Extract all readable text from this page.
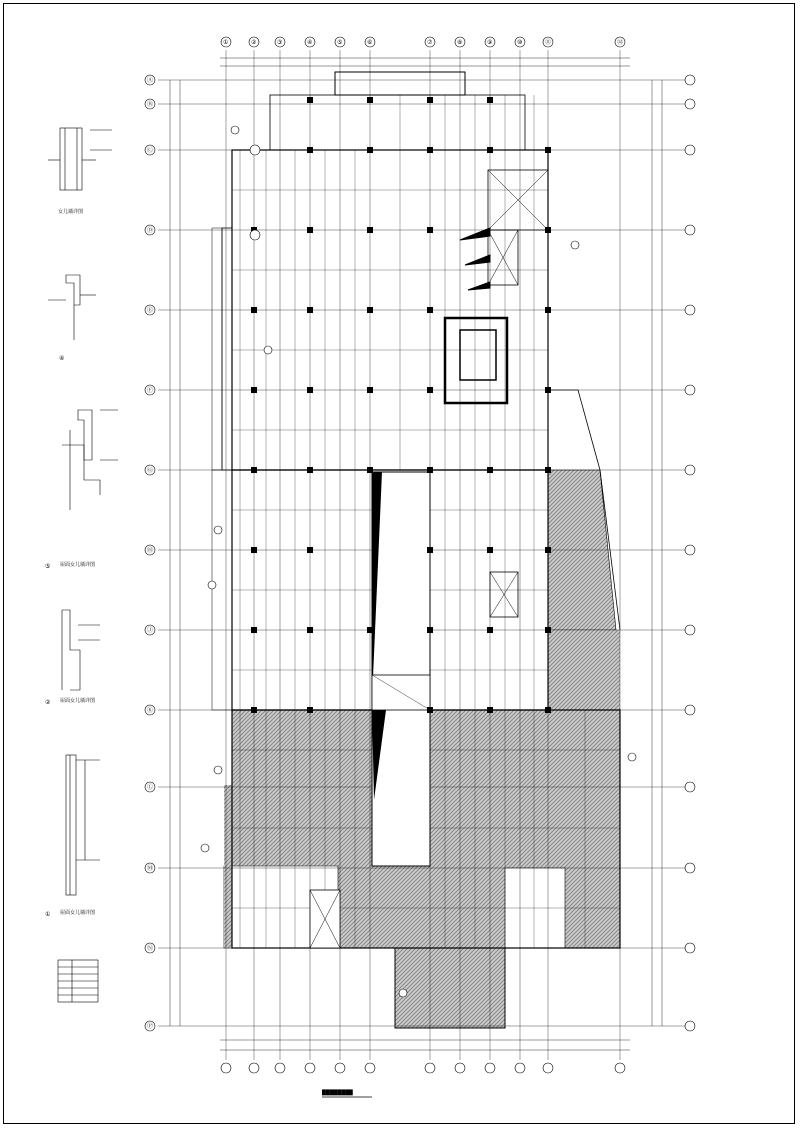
女儿墙详图
④
⑤ 屋面女儿墙详图
② 屋面女儿墙详图
① 屋面女儿墙详图
████████
①	②	③	④	⑤	⑥	⑦	⑧	⑨	⑩	⑪	⑫
Ⓐ
Ⓑ
Ⓒ
Ⓓ
Ⓔ
Ⓕ
Ⓖ
Ⓗ
Ⓙ
Ⓚ
Ⓛ
Ⓜ
Ⓝ
Ⓟ
